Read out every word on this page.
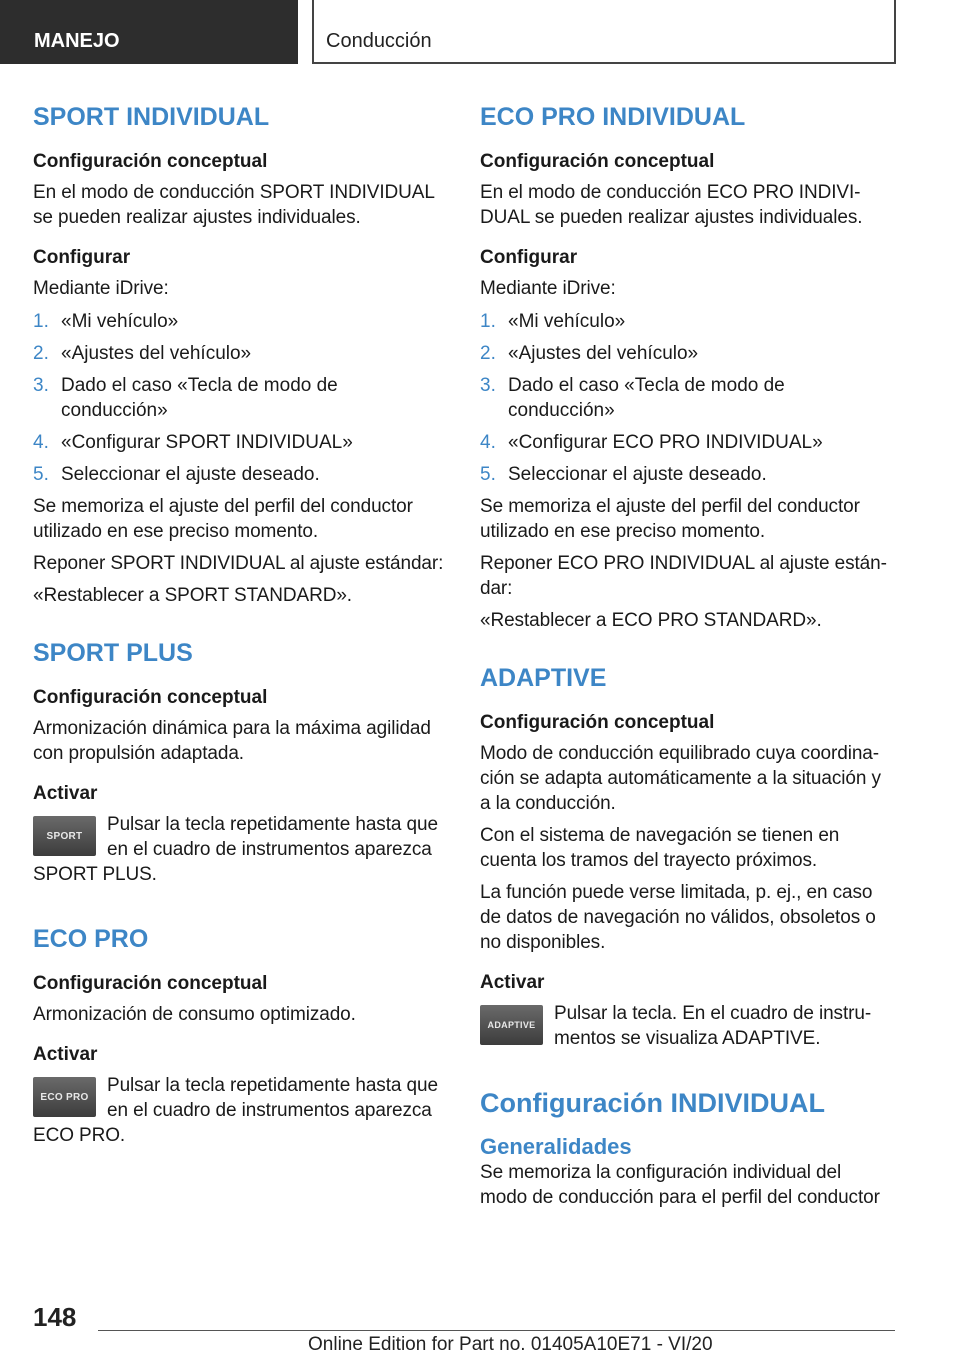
MANEJO	Conducción
SPORT INDIVIDUAL
Configuración conceptual

En el modo de conducción SPORT INDIVIDUAL se pueden realizar ajustes individuales.

Configurar

Mediante iDrive:

1. «Mi vehículo»
2. «Ajustes del vehículo»
3. Dado el caso «Tecla de modo de conducción»
4. «Configurar SPORT INDIVIDUAL»
5. Seleccionar el ajuste deseado.

Se memoriza el ajuste del perfil del conductor utilizado en ese preciso momento.

Reponer SPORT INDIVIDUAL al ajuste estándar:

«Restablecer a SPORT STANDARD».

SPORT PLUS
Configuración conceptual

Armonización dinámica para la máxima agilidad con propulsión adaptada.

Activar
SPORT

Pulsar la tecla repetidamente hasta que en el cuadro de instrumentos aparezca SPORT PLUS.

ECO PRO
Configuración conceptual

Armonización de consumo optimizado.

Activar
ECO PRO

Pulsar la tecla repetidamente hasta que en el cuadro de instrumentos aparezca ECO PRO.

ECO PRO INDIVIDUAL
Configuración conceptual

En el modo de conducción ECO PRO INDIVIDUAL se pueden realizar ajustes individuales.

Configurar

Mediante iDrive:

1. «Mi vehículo»
2. «Ajustes del vehículo»
3. Dado el caso «Tecla de modo de conducción»
4. «Configurar ECO PRO INDIVIDUAL»
5. Seleccionar el ajuste deseado.

Se memoriza el ajuste del perfil del conductor utilizado en ese preciso momento.

Reponer ECO PRO INDIVIDUAL al ajuste estándar:

«Restablecer a ECO PRO STANDARD».

ADAPTIVE
Configuración conceptual

Modo de conducción equilibrado cuya coordinación se adapta automáticamente a la situación y a la conducción.

Con el sistema de navegación se tienen en cuenta los tramos del trayecto próximos.

La función puede verse limitada, p. ej., en caso de datos de navegación no válidos, obsoletos o no disponibles.

Activar
ADAPTIVE

Pulsar la tecla. En el cuadro de instrumentos se visualiza ADAPTIVE.

Configuración INDIVIDUAL
Generalidades

Se memoriza la configuración individual del modo de conducción para el perfil del conductor

148
Online Edition for Part no. 01405A10E71 - VI/20
